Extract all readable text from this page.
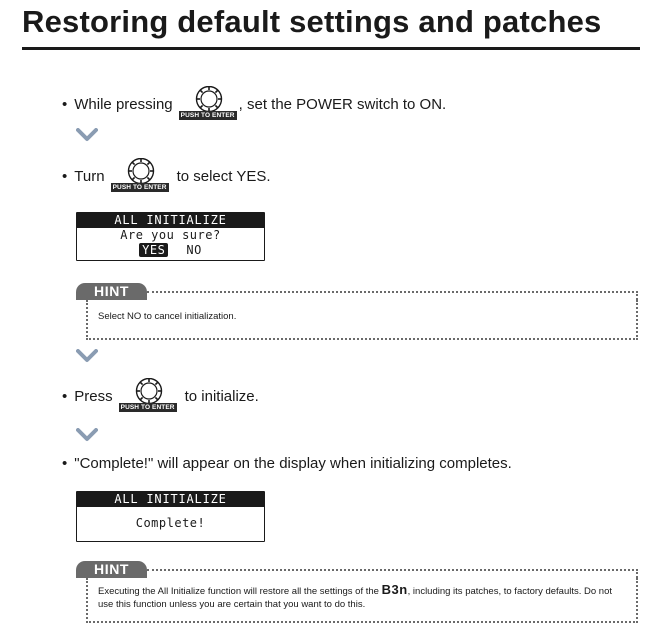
Restoring default settings and patches
• While pressing
PUSH TO ENTER
, set the POWER switch to ON.
• Turn
PUSH TO ENTER
to select YES.
ALL INITIALIZE
Are you sure?
YES NO
HINT
Select NO to cancel initialization.
• Press
PUSH TO ENTER
to initialize.
• "Complete!" will appear on the display when initializing completes.
ALL INITIALIZE
Complete!
HINT
Executing the All Initialize function will restore all the settings of the B3n, including its patches, to factory defaults. Do not use this function unless you are certain that you want to do this.
